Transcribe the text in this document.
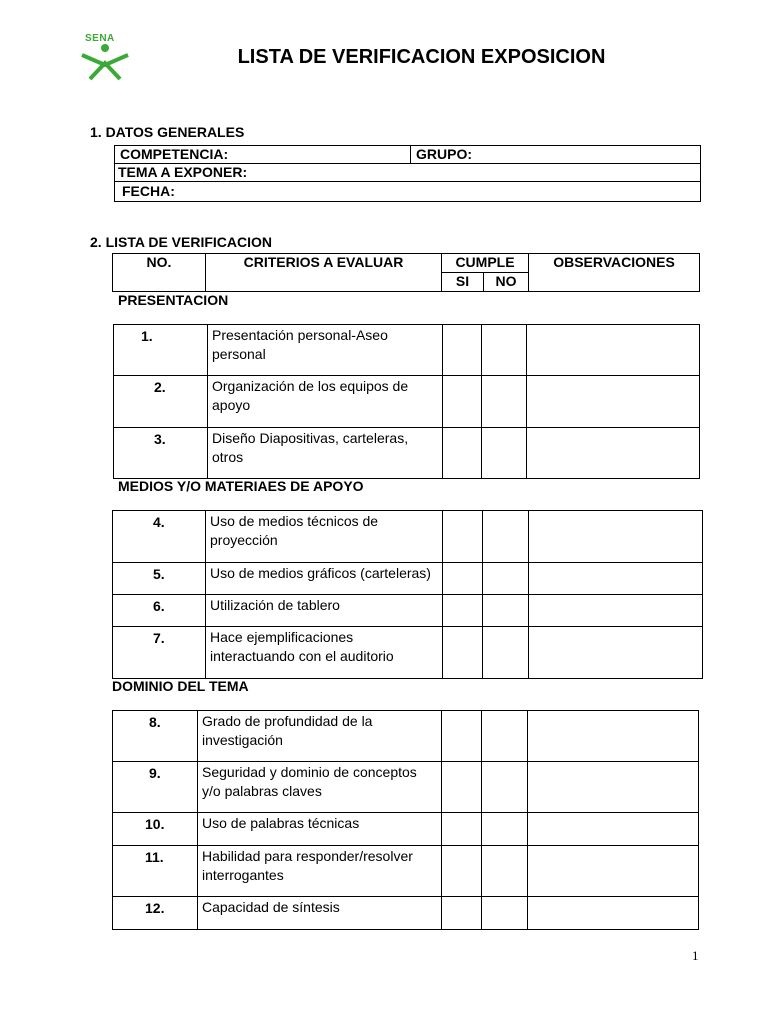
SENA
LISTA DE VERIFICACION EXPOSICION
1. DATOS GENERALES
COMPETENCIA:	GRUPO:
TEMA A EXPONER:
FECHA:
2. LISTA DE VERIFICACION
NO.	CRITERIOS A EVALUAR	CUMPLE		OBSERVACIONES
		SI	NO	
PRESENTACION
1.	Presentación personal-Aseo personal			
2.	Organización de los equipos de apoyo			
3.	Diseño Diapositivas, carteleras, otros			
MEDIOS Y/O MATERIAES DE APOYO
4.	Uso de medios técnicos de proyección			
5.	Uso de medios gráficos (carteleras)			
6.	Utilización de tablero			
7.	Hace ejemplificaciones interactuando con el auditorio			
DOMINIO DEL TEMA
8.	Grado de profundidad de la investigación			
9.	Seguridad y dominio de conceptos y/o palabras claves			
10.	Uso de palabras técnicas			
11.	Habilidad para responder/resolver interrogantes			
12.	Capacidad de síntesis			
1
